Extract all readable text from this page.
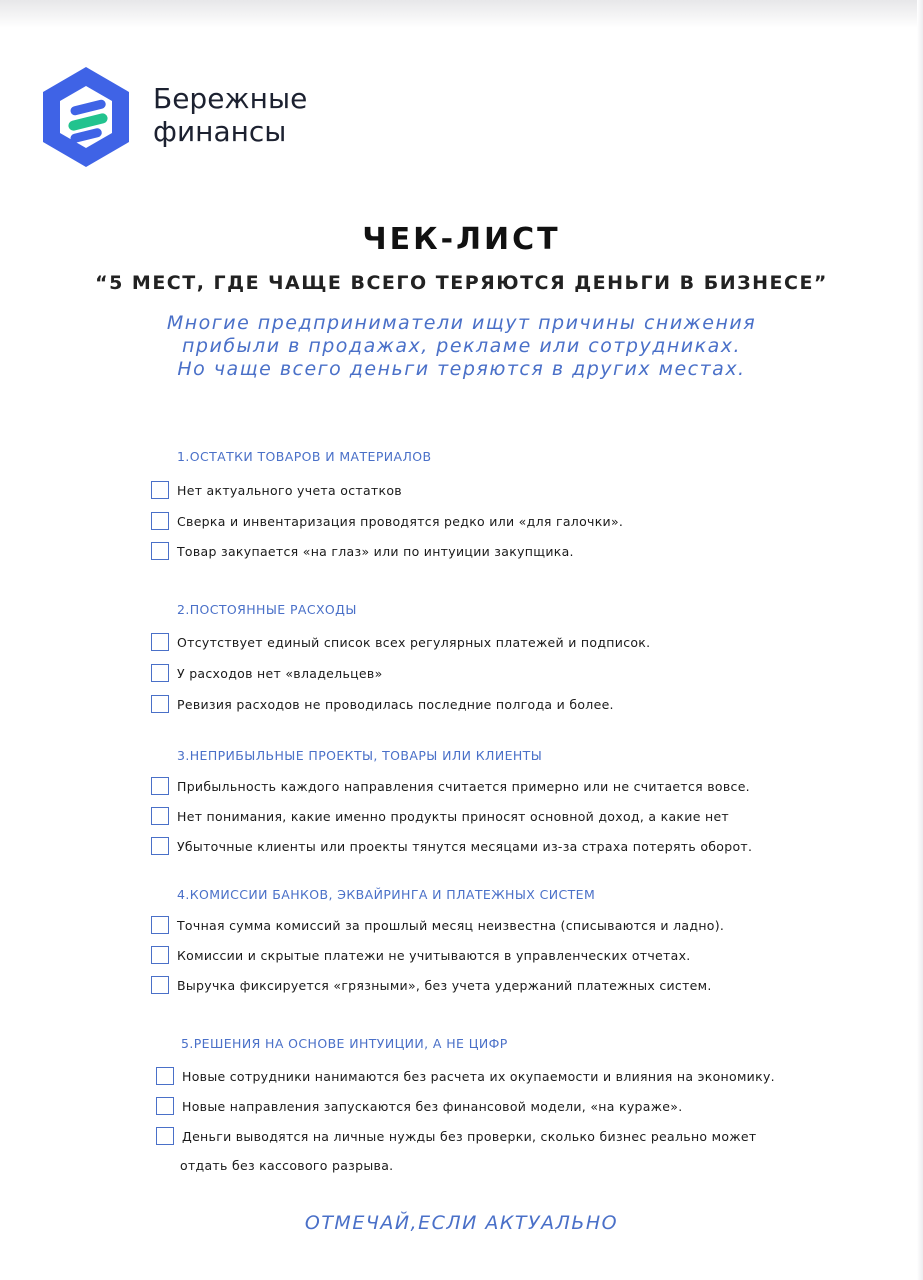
Бережные
финансы
ЧЕК-ЛИСТ
“5 МЕСТ, ГДЕ ЧАЩЕ ВСЕГО ТЕРЯЮТСЯ ДЕНЬГИ В БИЗНЕСЕ”
Многие предприниматели ищут причины снижения
прибыли в продажах, рекламе или сотрудниках.
Но чаще всего деньги теряются в других местах.
1.ОСТАТКИ ТОВАРОВ И МАТЕРИАЛОВ
Нет актуального учета остатков
Сверка и инвентаризация проводятся редко или «для галочки».
Товар закупается «на глаз» или по интуиции закупщика.
2.ПОСТОЯННЫЕ РАСХОДЫ
Отсутствует единый список всех регулярных платежей и подписок.
У расходов нет «владельцев»
Ревизия расходов не проводилась последние полгода и более.
3.НЕПРИБЫЛЬНЫЕ ПРОЕКТЫ, ТОВАРЫ ИЛИ КЛИЕНТЫ
Прибыльность каждого направления считается примерно или не считается вовсе.
Нет понимания, какие именно продукты приносят основной доход, а какие нет
Убыточные клиенты или проекты тянутся месяцами из-за страха потерять оборот.
4.КОМИССИИ БАНКОВ, ЭКВАЙРИНГА И ПЛАТЕЖНЫХ СИСТЕМ
Точная сумма комиссий за прошлый месяц неизвестна (списываются и ладно).
Комиссии и скрытые платежи не учитываются в управленческих отчетах.
Выручка фиксируется «грязными», без учета удержаний платежных систем.
5.РЕШЕНИЯ НА ОСНОВЕ ИНТУИЦИИ, А НЕ ЦИФР
Новые сотрудники нанимаются без расчета их окупаемости и влияния на экономику.
Новые направления запускаются без финансовой модели, «на кураже».
Деньги выводятся на личные нужды без проверки, сколько бизнес реально может
отдать без кассового разрыва.
ОТМЕЧАЙ,ЕСЛИ АКТУАЛЬНО
